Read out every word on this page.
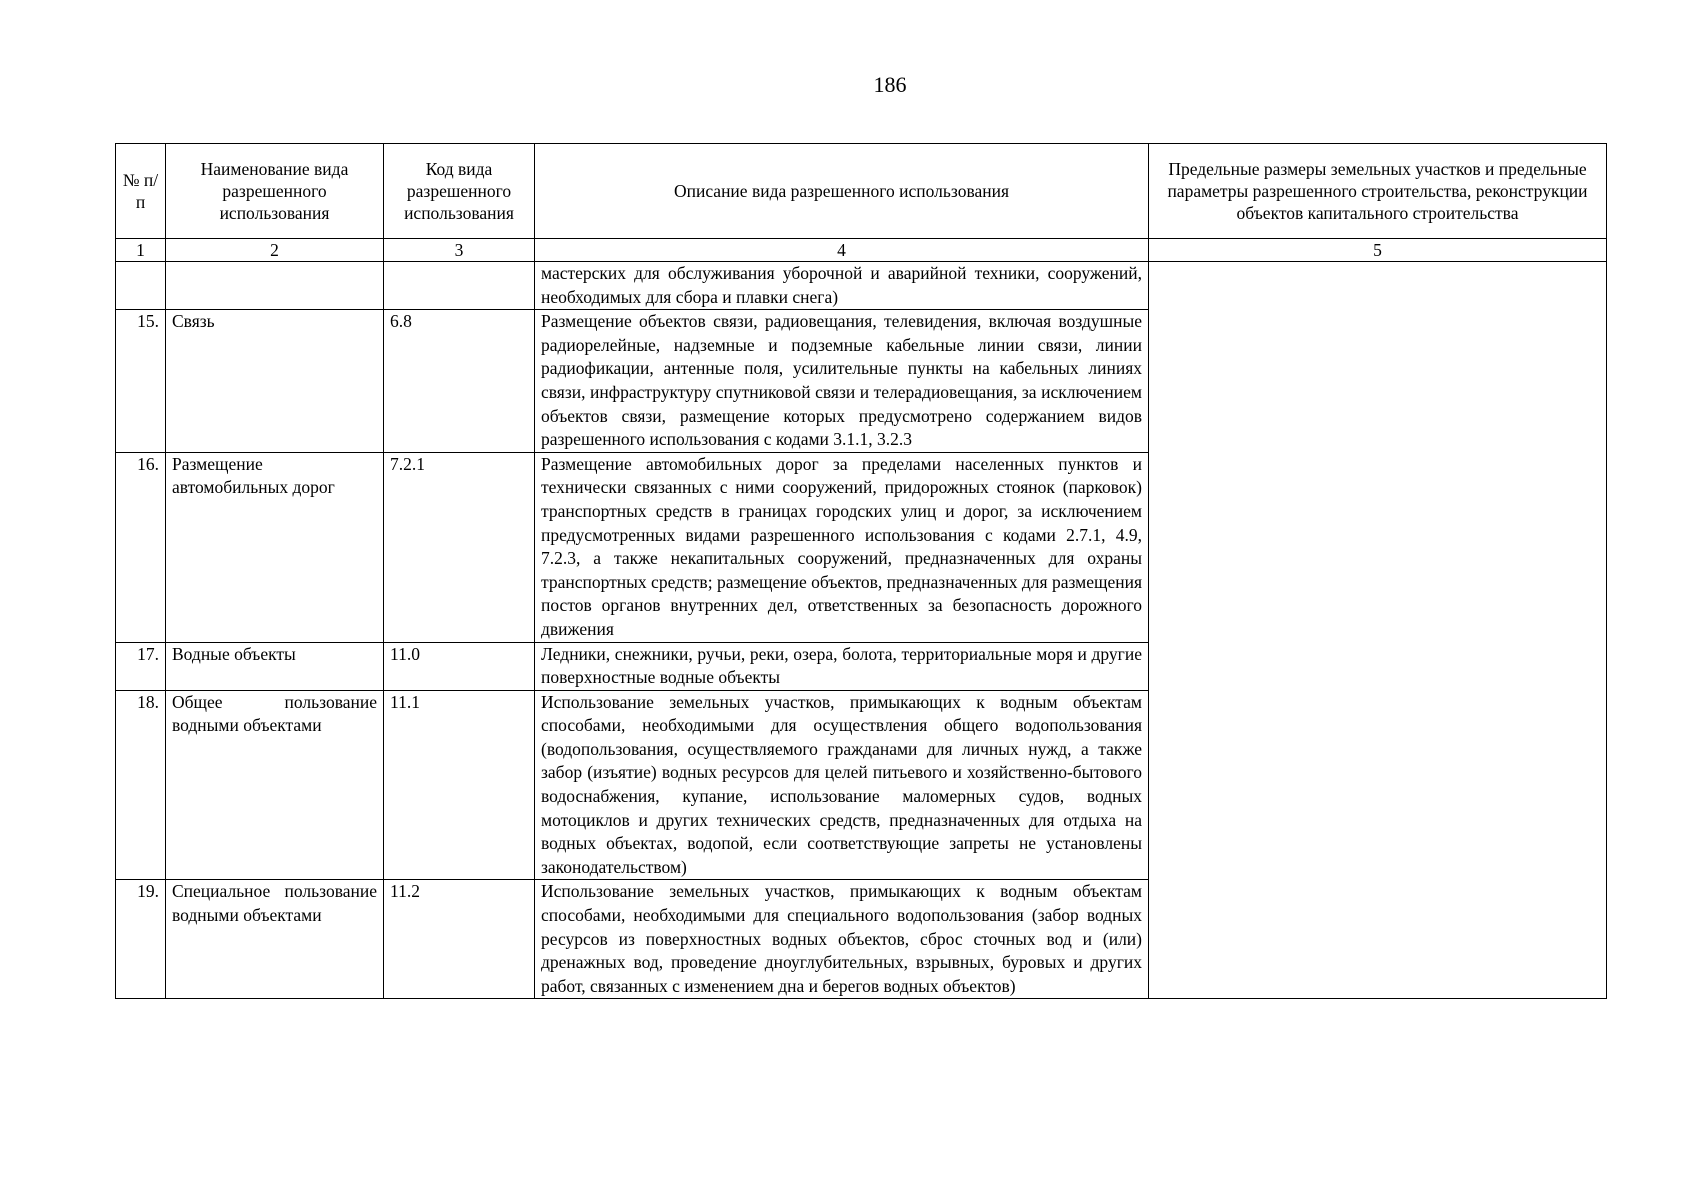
186
№ п/п	Наименование вида разрешенного использования	Код вида разрешенного использования	Описание вида разрешенного использования	Предельные размеры земельных участков и предельные параметры разрешенного строительства, реконструкции объектов капитального строительства
1	2	3	4	5
			мастерских для обслуживания уборочной и аварийной техники, сооружений, необходимых для сбора и плавки снега)	
15.	Связь	6.8	Размещение объектов связи, радиовещания, телевидения, включая воздушные радиорелейные, надземные и подземные кабельные линии связи, линии радиофикации, антенные поля, усилительные пункты на кабельных линиях связи, инфраструктуру спутниковой связи и телерадиовещания, за исключением объектов связи, размещение которых предусмотрено содержанием видов разрешенного использования с кодами 3.1.1, 3.2.3	
16.	Размещение автомобильных дорог	7.2.1	Размещение автомобильных дорог за пределами населенных пунктов и технически связанных с ними сооружений, придорожных стоянок (парковок) транспортных средств в границах городских улиц и дорог, за исключением предусмотренных видами разрешенного использования с кодами 2.7.1, 4.9, 7.2.3, а также некапитальных сооружений, предназначенных для охраны транспортных средств; размещение объектов, предназначенных для размещения постов органов внутренних дел, ответственных за безопасность дорожного движения	
17.	Водные объекты	11.0	Ледники, снежники, ручьи, реки, озера, болота, территориальные моря и другие поверхностные водные объекты	
18.	Общее пользование водными объектами	11.1	Использование земельных участков, примыкающих к водным объектам способами, необходимыми для осуществления общего водопользования (водопользования, осуществляемого гражданами для личных нужд, а также забор (изъятие) водных ресурсов для целей питьевого и хозяйственно-бытового водоснабжения, купание, использование маломерных судов, водных мотоциклов и других технических средств, предназначенных для отдыха на водных объектах, водопой, если соответствующие запреты не установлены законодательством)	
19.	Специальное пользование водными объектами	11.2	Использование земельных участков, примыкающих к водным объектам способами, необходимыми для специального водопользования (забор водных ресурсов из поверхностных водных объектов, сброс сточных вод и (или) дренажных вод, проведение дноуглубительных, взрывных, буровых и других работ, связанных с изменением дна и берегов водных объектов)	
